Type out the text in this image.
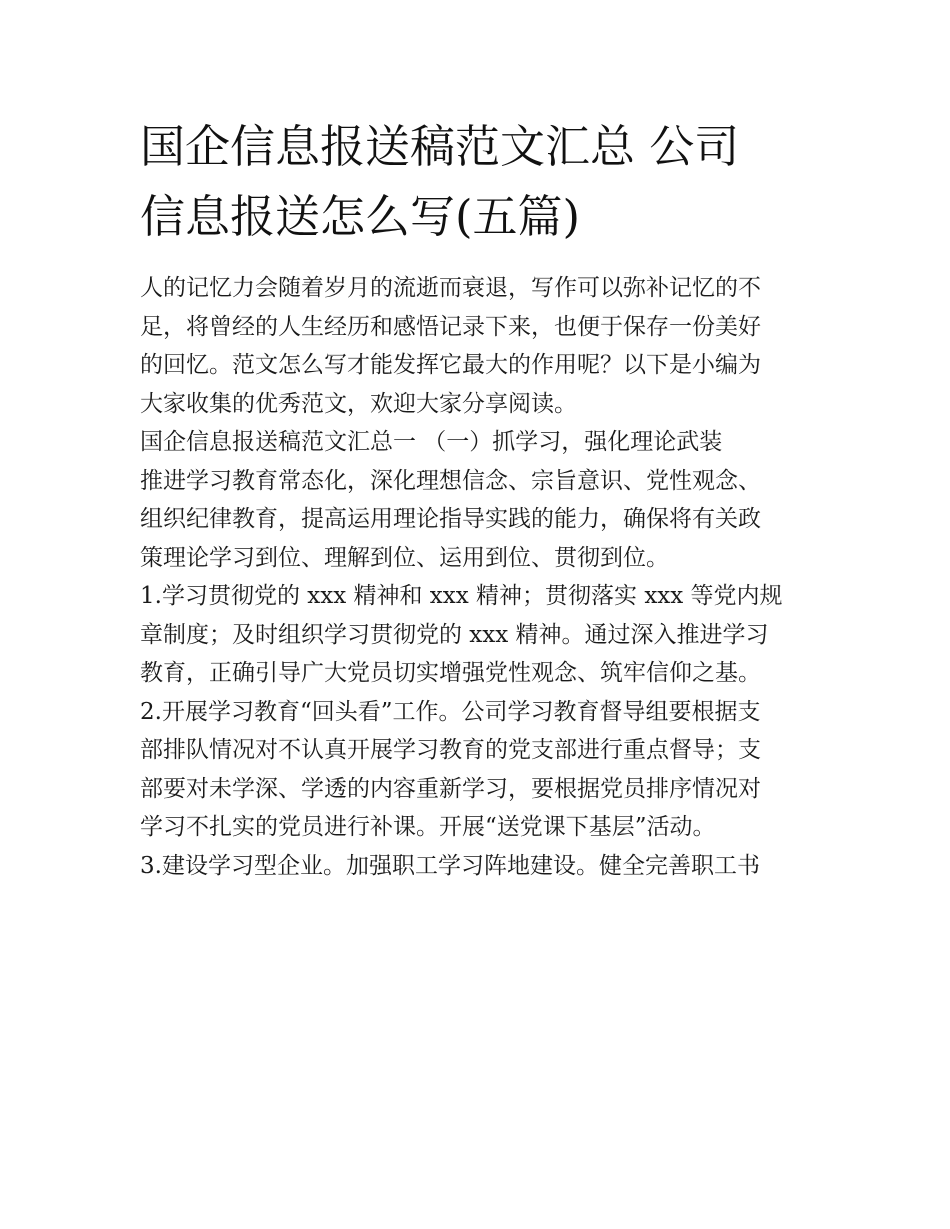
国企信息报送稿范文汇总 公司
信息报送怎么写(五篇)
人的记忆力会随着岁月的流逝而衰退，写作可以弥补记忆的不
足，将曾经的人生经历和感悟记录下来，也便于保存一份美好
的回忆。范文怎么写才能发挥它最大的作用呢？以下是小编为
大家收集的优秀范文，欢迎大家分享阅读。
国企信息报送稿范文汇总一 （一）抓学习，强化理论武装
推进学习教育常态化，深化理想信念、宗旨意识、党性观念、
组织纪律教育，提高运用理论指导实践的能力，确保将有关政
策理论学习到位、理解到位、运用到位、贯彻到位。
1.学习贯彻党的 xxx 精神和 xxx 精神；贯彻落实 xxx 等党内规
章制度；及时组织学习贯彻党的 xxx 精神。通过深入推进学习
教育，正确引导广大党员切实增强党性观念、筑牢信仰之基。
2.开展学习教育“回头看”工作。公司学习教育督导组要根据支
部排队情况对不认真开展学习教育的党支部进行重点督导；支
部要对未学深、学透的内容重新学习，要根据党员排序情况对
学习不扎实的党员进行补课。开展“送党课下基层”活动。
3.建设学习型企业。加强职工学习阵地建设。健全完善职工书
